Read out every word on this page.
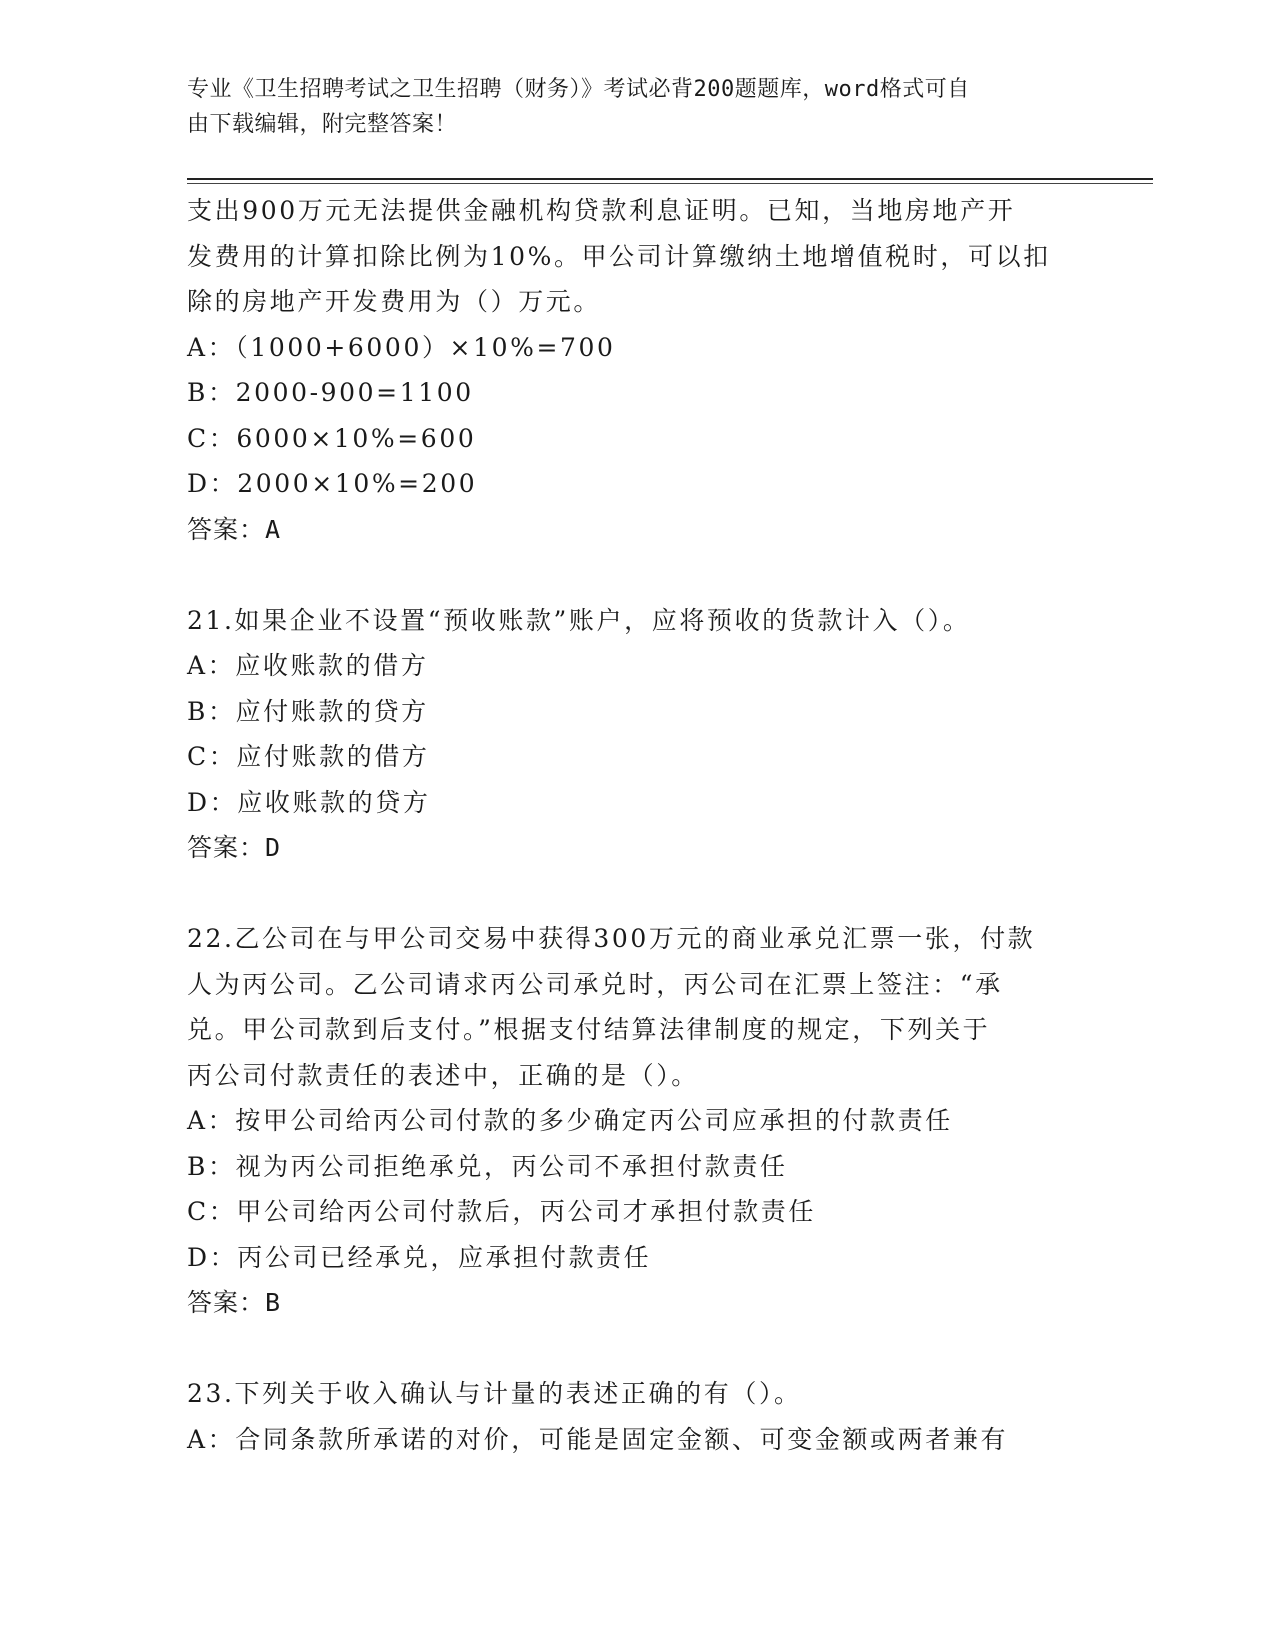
专业《卫生招聘考试之卫生招聘（财务）》考试必背200题题库，word格式可自
由下载编辑，附完整答案！
支出900万元无法提供金融机构贷款利息证明。已知，当地房地产开
发费用的计算扣除比例为10%。甲公司计算缴纳土地增值税时，可以扣
除的房地产开发费用为（）万元。
A：（1000+6000）×10%=700
B：2000-900=1100
C：6000×10%=600
D：2000×10%=200
答案：A
21.如果企业不设置“预收账款”账户，应将预收的货款计入（）。
A：应收账款的借方
B：应付账款的贷方
C：应付账款的借方
D：应收账款的贷方
答案：D
22.乙公司在与甲公司交易中获得300万元的商业承兑汇票一张，付款
人为丙公司。乙公司请求丙公司承兑时，丙公司在汇票上签注：“承
兑。甲公司款到后支付。”根据支付结算法律制度的规定，下列关于
丙公司付款责任的表述中，正确的是（）。
A：按甲公司给丙公司付款的多少确定丙公司应承担的付款责任
B：视为丙公司拒绝承兑，丙公司不承担付款责任
C：甲公司给丙公司付款后，丙公司才承担付款责任
D：丙公司已经承兑，应承担付款责任
答案：B
23.下列关于收入确认与计量的表述正确的有（）。
A：合同条款所承诺的对价，可能是固定金额、可变金额或两者兼有
